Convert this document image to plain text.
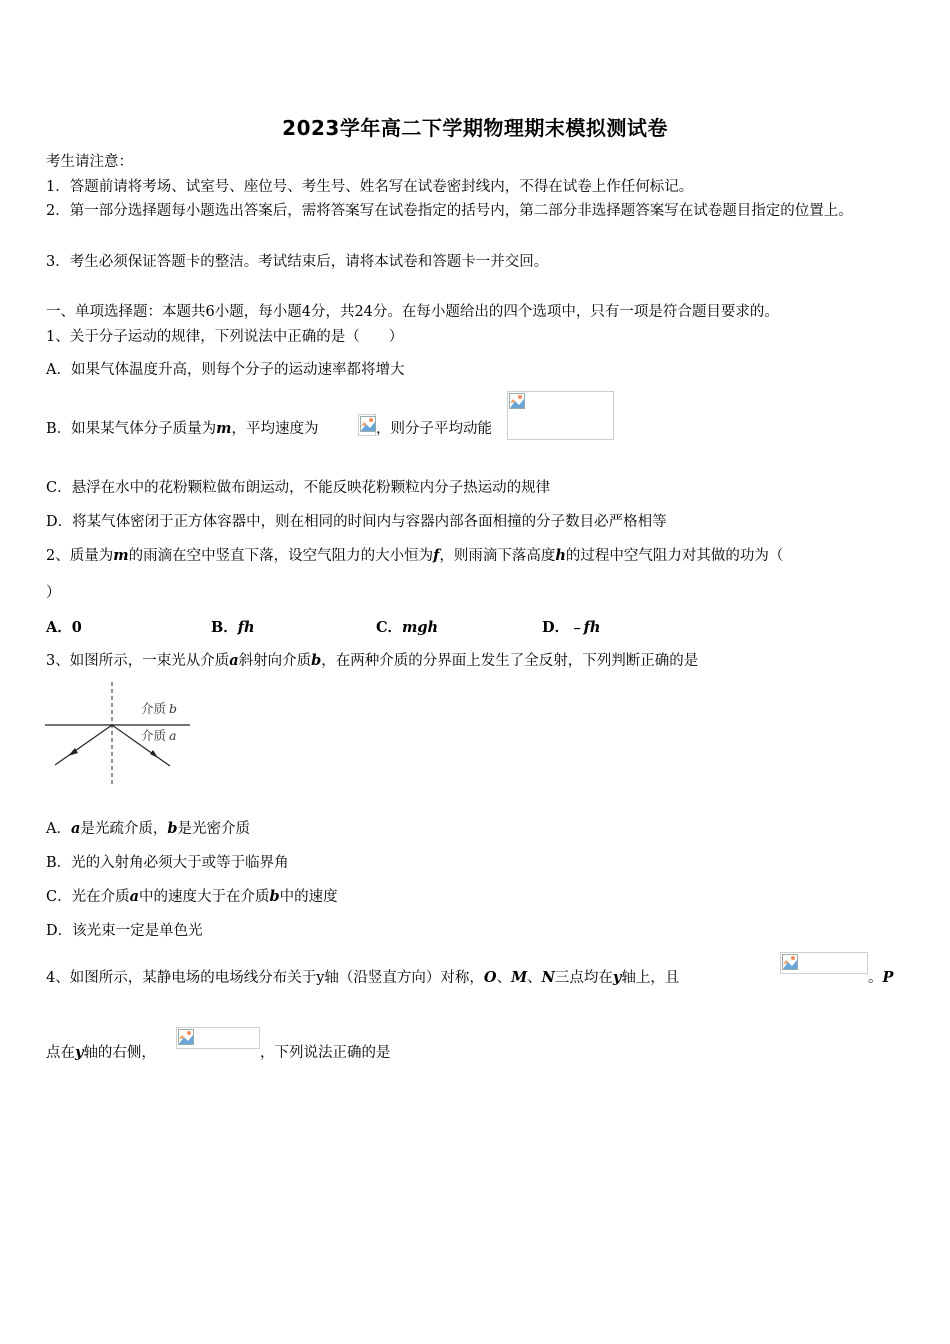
2023学年高二下学期物理期末模拟测试卷
考生请注意：
1．答题前请将考场、试室号、座位号、考生号、姓名写在试卷密封线内，不得在试卷上作任何标记。
2．第一部分选择题每小题选出答案后，需将答案写在试卷指定的括号内，第二部分非选择题答案写在试卷题目指定的位置上。
3．考生必须保证答题卡的整洁。考试结束后，请将本试卷和答题卡一并交回。
一、单项选择题：本题共6小题，每小题4分，共24分。在每小题给出的四个选项中，只有一项是符合题目要求的。
1、关于分子运动的规律，下列说法中正确的是（　　）
A．如果气体温度升高，则每个分子的运动速率都将增大
B．如果某气体分子质量为m，平均速度为	，则分子平均动能
C．悬浮在水中的花粉颗粒做布朗运动，不能反映花粉颗粒内分子热运动的规律
D．将某气体密闭于正方体容器中，则在相同的时间内与容器内部各面相撞的分子数目必严格相等
2、质量为m的雨滴在空中竖直下落，设空气阻力的大小恒为f，则雨滴下落高度h的过程中空气阻力对其做的功为（
）
A．0	B．fh	C．mgh	D．﹣fh
3、如图所示，一束光从介质a斜射向介质b，在两种介质的分界面上发生了全反射，下列判断正确的是
介质 b
介质 a
A．a是光疏介质，b是光密介质
B．光的入射角必须大于或等于临界角
C．光在介质a中的速度大于在介质b中的速度
D．该光束一定是单色光
4、如图所示，某静电场的电场线分布关于y轴（沿竖直方向）对称，O、M、N三点均在y轴上，且	。P
点在y轴的右侧，	，下列说法正确的是
